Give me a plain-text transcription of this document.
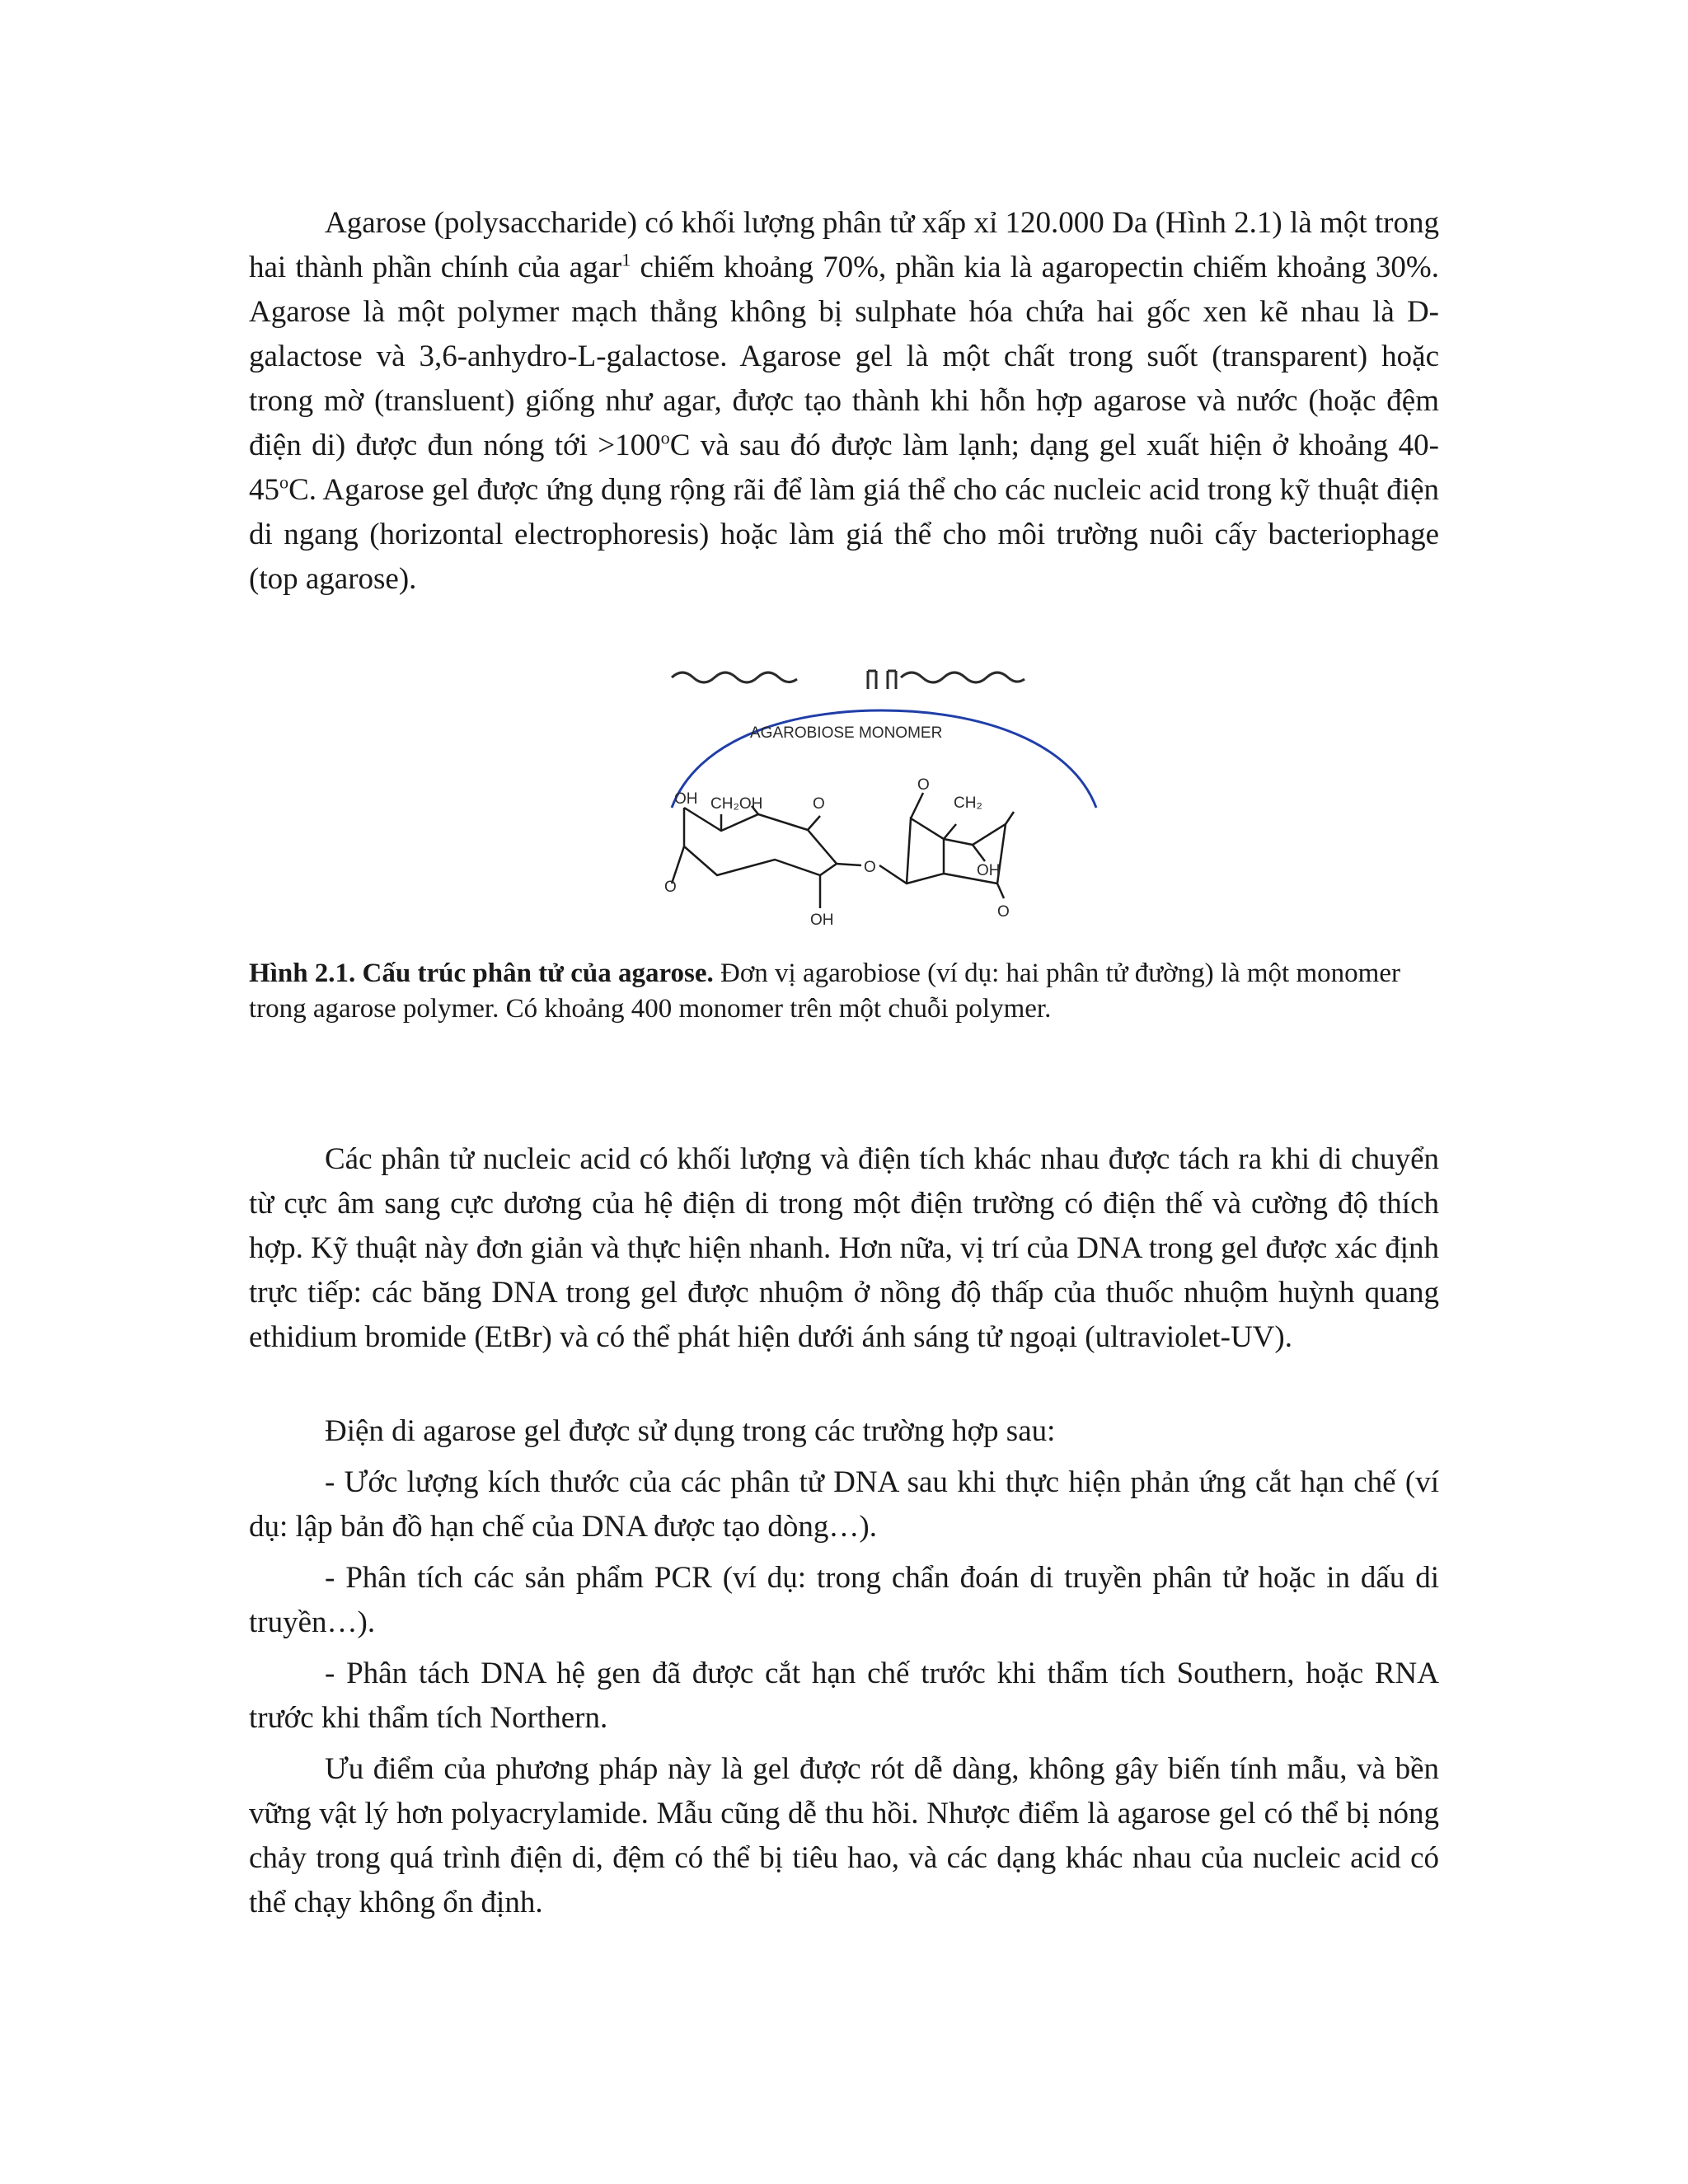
Agarose (polysaccharide) có khối lượng phân tử xấp xỉ 120.000 Da (Hình 2.1) là một trong hai thành phần chính của agar$^1$ chiếm khoảng 70%, phần kia là agaropectin chiếm khoảng 30%. Agarose là một polymer mạch thẳng không bị sulphate hóa chứa hai gốc xen kẽ nhau là D-galactose và 3,6-anhydro-L-galactose. Agarose gel là một chất trong suốt (transparent) hoặc trong mờ (transluent) giống như agar, được tạo thành khi hỗn hợp agarose và nước (hoặc đệm điện di) được đun nóng tới $>100^oC$ và sau đó được làm lạnh; dạng gel xuất hiện ở khoảng 40-45$^o$C. Agarose gel được ứng dụng rộng rãi để làm giá thể cho các nucleic acid trong kỹ thuật điện di ngang (horizontal electrophoresis) hoặc làm giá thể cho môi trường nuôi cấy bacteriophage (top agarose).

AGAROBIOSE MONOMER
OH CH₂OH	O
O
OH
O
O
CH₂
OH
O

Hình 2.1. Cấu trúc phân tử của agarose. Đơn vị agarobiose (ví dụ: hai phân tử đường) là một monomer trong agarose polymer. Có khoảng 400 monomer trên một chuỗi polymer.

Các phân tử nucleic acid có khối lượng và điện tích khác nhau được tách ra khi di chuyển từ cực âm sang cực dương của hệ điện di trong một điện trường có điện thế và cường độ thích hợp. Kỹ thuật này đơn giản và thực hiện nhanh. Hơn nữa, vị trí của DNA trong gel được xác định trực tiếp: các băng DNA trong gel được nhuộm ở nồng độ thấp của thuốc nhuộm huỳnh quang ethidium bromide (EtBr) và có thể phát hiện dưới ánh sáng tử ngoại (ultraviolet-UV).

Điện di agarose gel được sử dụng trong các trường hợp sau:

- Ước lượng kích thước của các phân tử DNA sau khi thực hiện phản ứng cắt hạn chế (ví dụ: lập bản đồ hạn chế của DNA được tạo dòng…).

- Phân tích các sản phẩm PCR (ví dụ: trong chẩn đoán di truyền phân tử hoặc in dấu di truyền…).

- Phân tách DNA hệ gen đã được cắt hạn chế trước khi thẩm tích Southern, hoặc RNA trước khi thẩm tích Northern.

Ưu điểm của phương pháp này là gel được rót dễ dàng, không gây biến tính mẫu, và bền vững vật lý hơn polyacrylamide. Mẫu cũng dễ thu hồi. Nhược điểm là agarose gel có thể bị nóng chảy trong quá trình điện di, đệm có thể bị tiêu hao, và các dạng khác nhau của nucleic acid có thể chạy không ổn định.
